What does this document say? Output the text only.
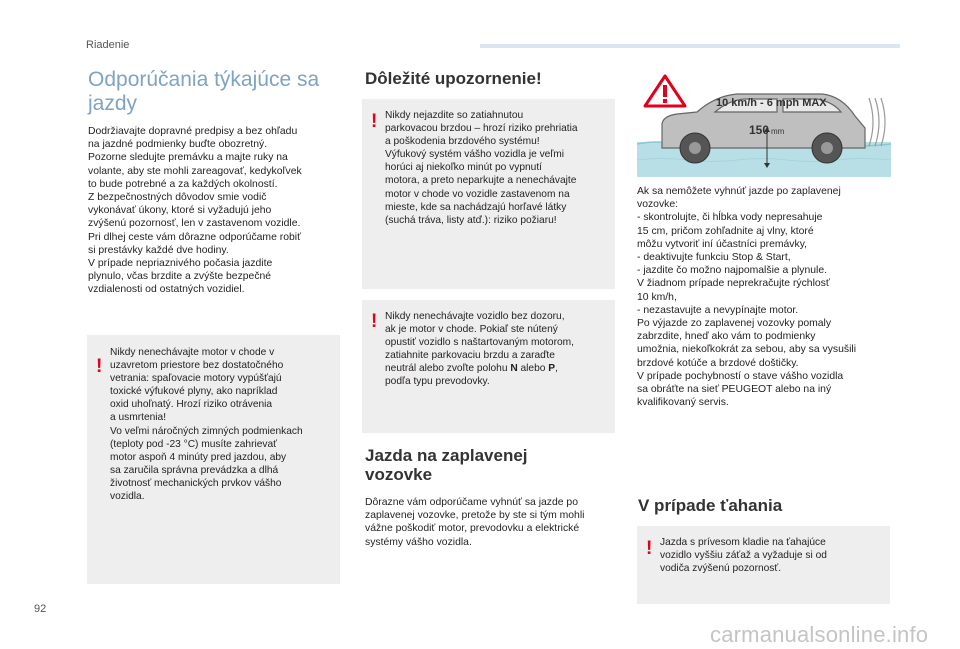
Riadenie
Odporúčania týkajúce sa jazdy
Dodržiavajte dopravné predpisy a bez ohľadu
na jazdné podmienky buďte obozretný.
Pozorne sledujte premávku a majte ruky na
volante, aby ste mohli zareagovať, kedykoľvek
to bude potrebné a za každých okolností.
Z bezpečnostných dôvodov smie vodič
vykonávať úkony, ktoré si vyžadujú jeho
zvýšenú pozornosť, len v zastavenom vozidle.
Pri dlhej ceste vám dôrazne odporúčame robiť
si prestávky každé dve hodiny.
V prípade nepriaznivého počasia jazdite
plynulo, včas brzdite a zvýšte bezpečné
vzdialenosti od ostatných vozidiel.
!
Nikdy nenechávajte motor v chode v
uzavretom priestore bez dostatočného
vetrania: spaľovacie motory vypúšťajú
toxické výfukové plyny, ako napríklad
oxid uhoľnatý. Hrozí riziko otrávenia
a usmrtenia!
Vo veľmi náročných zimných podmienkach
(teploty pod -23 °C) musíte zahrievať
motor aspoň 4 minúty pred jazdou, aby
sa zaručila správna prevádzka a dlhá
životnosť mechanických prvkov vášho
vozidla.
Dôležité upozornenie!
! Nikdy nejazdite so zatiahnutou
parkovacou brzdou – hrozí riziko prehriatia
a poškodenia brzdového systému!
Výfukový systém vášho vozidla je veľmi
horúci aj niekoľko minút po vypnutí
motora, a preto neparkujte a nenechávajte
motor v chode vo vozidle zastavenom na
mieste, kde sa nachádzajú horľavé látky
(suchá tráva, listy atď.): riziko požiaru!
! Nikdy nenechávajte vozidlo bez dozoru,
ak je motor v chode. Pokiaľ ste nútený
opustiť vozidlo s naštartovaným motorom,
zatiahnite parkovaciu brzdu a zaraďte
neutrál alebo zvoľte polohu N alebo P,
podľa typu prevodovky.
Jazda na zaplavenej
vozovke
Dôrazne vám odporúčame vyhnúť sa jazde po
zaplavenej vozovke, pretože by ste si tým mohli
vážne poškodiť motor, prevodovku a elektrické
systémy vášho vozidla.
10 km/h - 6 mph MAX
150 mm
Ak sa nemôžete vyhnúť jazde po zaplavenej
vozovke:
- skontrolujte, či hĺbka vody nepresahuje
15 cm, pričom zohľadnite aj vlny, ktoré
môžu vytvoriť iní účastníci premávky,
- deaktivujte funkciu Stop & Start,
- jazdite čo možno najpomalšie a plynule.
V žiadnom prípade neprekračujte rýchlosť
10 km/h,
- nezastavujte a nevypínajte motor.
Po výjazde zo zaplavenej vozovky pomaly
zabrzdite, hneď ako vám to podmienky
umožnia, niekoľkokrát za sebou, aby sa vysušili
brzdové kotúče a brzdové doštičky.
V prípade pochybností o stave vášho vozidla
sa obráťte na sieť PEUGEOT alebo na iný
kvalifikovaný servis.
V prípade ťahania
! Jazda s prívesom kladie na ťahajúce
vozidlo vyššiu záťaž a vyžaduje si od
vodiča zvýšenú pozornosť.
92
carmanualsonline.info
